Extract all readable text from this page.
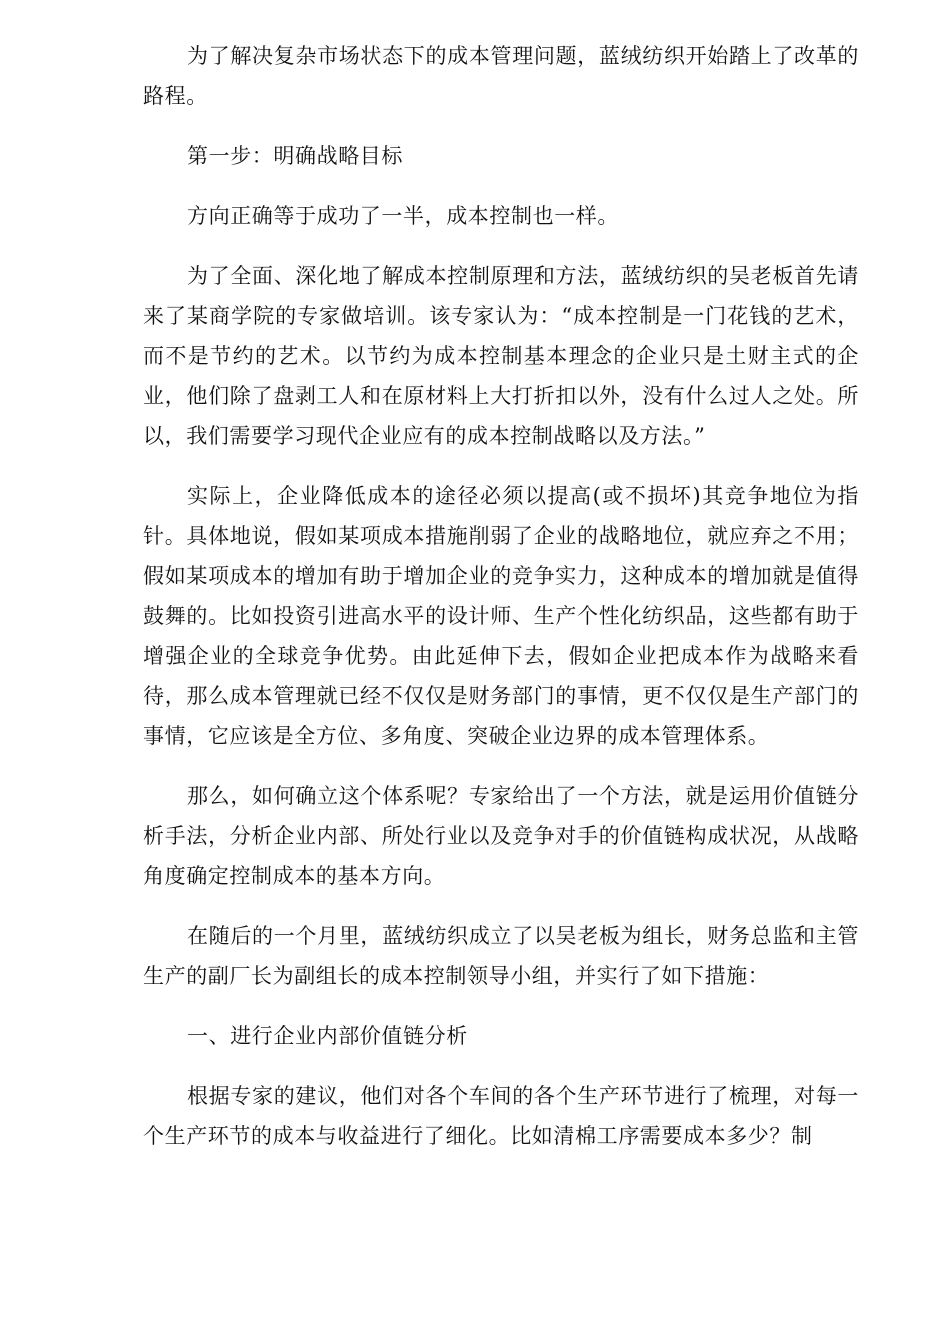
为了解决复杂市场状态下的成本管理问题，蓝绒纺织开始踏上了改革的路程。

第一步：明确战略目标

方向正确等于成功了一半，成本控制也一样。

为了全面、深化地了解成本控制原理和方法，蓝绒纺织的吴老板首先请来了某商学院的专家做培训。该专家认为：“成本控制是一门花钱的艺术，而不是节约的艺术。以节约为成本控制基本理念的企业只是土财主式的企业，他们除了盘剥工人和在原材料上大打折扣以外，没有什么过人之处。所以，我们需要学习现代企业应有的成本控制战略以及方法。”

实际上，企业降低成本的途径必须以提高(或不损坏)其竞争地位为指针。具体地说，假如某项成本措施削弱了企业的战略地位，就应弃之不用；假如某项成本的增加有助于增加企业的竞争实力，这种成本的增加就是值得鼓舞的。比如投资引进高水平的设计师、生产个性化纺织品，这些都有助于增强企业的全球竞争优势。由此延伸下去，假如企业把成本作为战略来看待，那么成本管理就已经不仅仅是财务部门的事情，更不仅仅是生产部门的事情，它应该是全方位、多角度、突破企业边界的成本管理体系。

那么，如何确立这个体系呢？专家给出了一个方法，就是运用价值链分析手法，分析企业内部、所处行业以及竞争对手的价值链构成状况，从战略角度确定控制成本的基本方向。

在随后的一个月里，蓝绒纺织成立了以吴老板为组长，财务总监和主管生产的副厂长为副组长的成本控制领导小组，并实行了如下措施：

一、进行企业内部价值链分析

根据专家的建议，他们对各个车间的各个生产环节进行了梳理，对每一个生产环节的成本与收益进行了细化。比如清棉工序需要成本多少？制
